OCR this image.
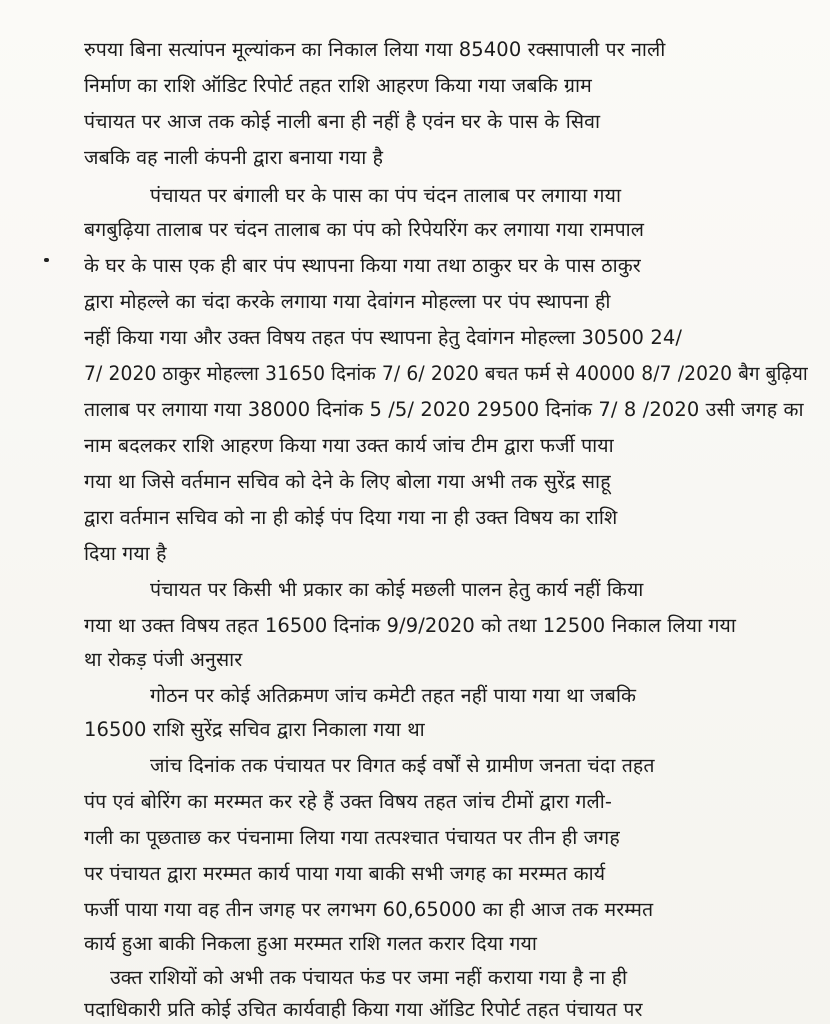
रुपया बिना सत्यांपन मूल्यांकन का निकाल लिया गया 85400 रक्सापाली पर नाली
निर्माण का राशि ऑडिट रिपोर्ट तहत राशि आहरण किया गया जबकि ग्राम
पंचायत पर आज तक कोई नाली बना ही नहीं है एवंन घर के पास के सिवा
जबकि वह नाली कंपनी द्वारा बनाया गया है
पंचायत पर बंगाली घर के पास का पंप चंदन तालाब पर लगाया गया
बगबुढ़िया तालाब पर चंदन तालाब का पंप को रिपेयरिंग कर लगाया गया रामपाल
के घर के पास एक ही बार पंप स्थापना किया गया तथा ठाकुर घर के पास ठाकुर
द्वारा मोहल्ले का चंदा करके लगाया गया देवांगन मोहल्ला पर पंप स्थापना ही
नहीं किया गया और उक्त विषय तहत पंप स्थापना हेतु देवांगन मोहल्ला 30500 24/
7/ 2020 ठाकुर मोहल्ला 31650 दिनांक 7/ 6/ 2020 बचत फर्म से 40000 8/7 /2020 बैग बुढ़िया
तालाब पर लगाया गया 38000 दिनांक 5 /5/ 2020 29500 दिनांक 7/ 8 /2020 उसी जगह का
नाम बदलकर राशि आहरण किया गया उक्त कार्य जांच टीम द्वारा फर्जी पाया
गया था जिसे वर्तमान सचिव को देने के लिए बोला गया अभी तक सुरेंद्र साहू
द्वारा वर्तमान सचिव को ना ही कोई पंप दिया गया ना ही उक्त विषय का राशि
दिया गया है
पंचायत पर किसी भी प्रकार का कोई मछली पालन हेतु कार्य नहीं किया
गया था उक्त विषय तहत 16500 दिनांक 9/9/2020 को तथा 12500 निकाल लिया गया
था रोकड़ पंजी अनुसार
गोठन पर कोई अतिक्रमण जांच कमेटी तहत नहीं पाया गया था जबकि
16500 राशि सुरेंद्र सचिव द्वारा निकाला गया था
जांच दिनांक तक पंचायत पर विगत कई वर्षों से ग्रामीण जनता चंदा तहत
पंप एवं बोरिंग का मरम्मत कर रहे हैं उक्त विषय तहत जांच टीमों द्वारा गली-
गली का पूछताछ कर पंचनामा लिया गया तत्पश्चात पंचायत पर तीन ही जगह
पर पंचायत द्वारा मरम्मत कार्य पाया गया बाकी सभी जगह का मरम्मत कार्य
फर्जी पाया गया वह तीन जगह पर लगभग 60,65000 का ही आज तक मरम्मत
कार्य हुआ बाकी निकला हुआ मरम्मत राशि गलत करार दिया गया
उक्त राशियों को अभी तक पंचायत फंड पर जमा नहीं कराया गया है ना ही
पदाधिकारी प्रति कोई उचित कार्यवाही किया गया ऑडिट रिपोर्ट तहत पंचायत पर
